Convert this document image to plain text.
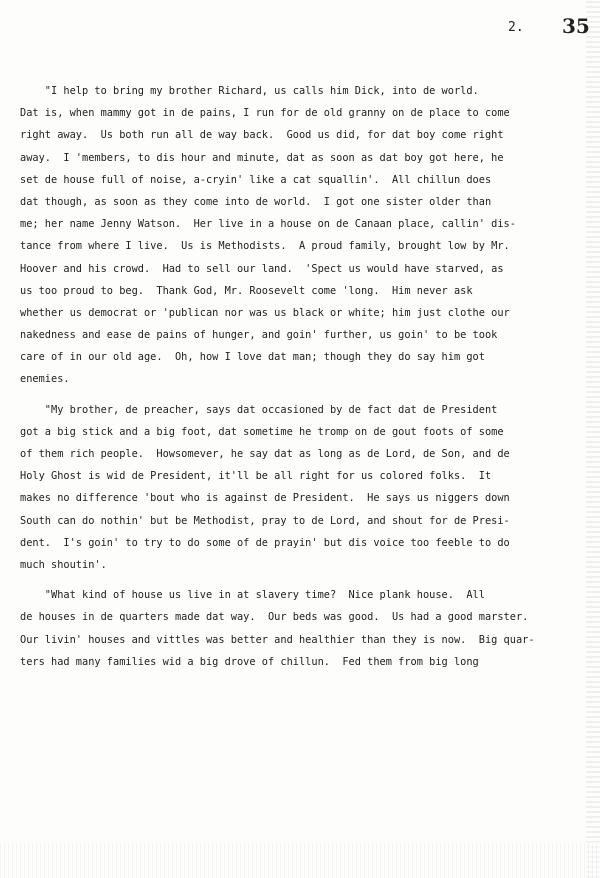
2. 35
"I help to bring my brother Richard, us calls him Dick, into de world.
Dat is, when mammy got in de pains, I run for de old granny on de place to come
right away.  Us both run all de way back.  Good us did, for dat boy come right
away.  I 'members, to dis hour and minute, dat as soon as dat boy got here, he
set de house full of noise, a-cryin' like a cat squallin'.  All chillun does
dat though, as soon as they come into de world.  I got one sister older than
me; her name Jenny Watson.  Her live in a house on de Canaan place, callin' dis-
tance from where I live.  Us is Methodists.  A proud family, brought low by Mr.
Hoover and his crowd.  Had to sell our land.  'Spect us would have starved, as
us too proud to beg.  Thank God, Mr. Roosevelt come 'long.  Him never ask
whether us democrat or 'publican nor was us black or white; him just clothe our
nakedness and ease de pains of hunger, and goin' further, us goin' to be took
care of in our old age.  Oh, how I love dat man; though they do say him got
enemies.
"My brother, de preacher, says dat occasioned by de fact dat de President
got a big stick and a big foot, dat sometime he tromp on de gout foots of some
of them rich people.  Howsomever, he say dat as long as de Lord, de Son, and de
Holy Ghost is wid de President, it'll be all right for us colored folks.  It
makes no difference 'bout who is against de President.  He says us niggers down
South can do nothin' but be Methodist, pray to de Lord, and shout for de Presi-
dent.  I's goin' to try to do some of de prayin' but dis voice too feeble to do
much shoutin'.
"What kind of house us live in at slavery time?  Nice plank house.  All
de houses in de quarters made dat way.  Our beds was good.  Us had a good marster.
Our livin' houses and vittles was better and healthier than they is now.  Big quar-
ters had many families wid a big drove of chillun.  Fed them from big long
